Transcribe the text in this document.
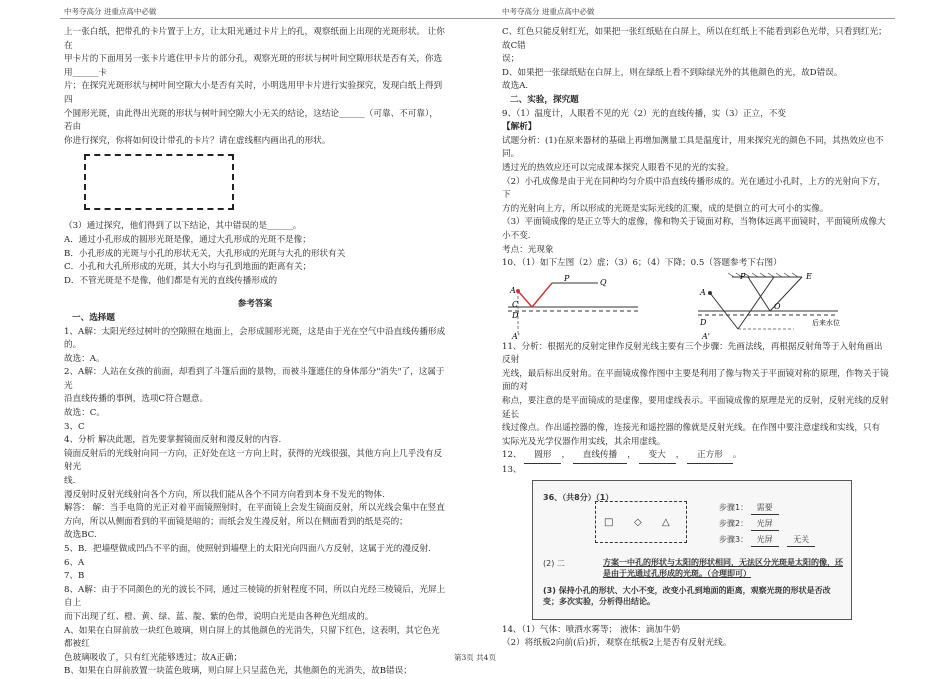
中考夺高分 进重点高中必做	中考夺高分 进重点高中必做

上一张白纸，把带孔的卡片置于上方，让太阳光通过卡片上的孔，观察纸面上出现的光斑形状。 让你在

甲卡片的下面用另一张卡片遮住甲卡片的部分孔，观察光斑的形状与树叶间空隙形状是否有关，你选用______卡

片；在探究光斑形状与树叶间空隙大小是否有关时，小明选用甲卡片进行实验探究，发现白纸上得到四

个圆形光斑，由此得出光斑的形状与树叶间空隙大小无关的结论，这结论______（可靠、不可靠），若由

你进行探究，你将如何设计带孔的卡片？请在虚线框内画出孔的形状。

（3）通过探究，他们得到了以下结论，其中错误的是______。

A．通过小孔形成的圆形光斑是像，通过大孔形成的光斑不是像；

B．小孔形成的光斑与小孔的形状无关，大孔形成的光斑与大孔的形状有关

C．小孔和大孔所形成的光斑，其大小均与孔到地面的距离有关；

D．不管光斑是不是像，他们都是有光的直线传播形成的

参考答案

一、选择题

1、A解：太阳光经过树叶的空隙照在地面上，会形成圆形光斑，这是由于光在空气中沿直线传播形成的。

故选：A。

2、A解：人站在女孩的前面，却看到了斗篷后面的景物，而被斗篷遮住的身体部分"消失"了，这属于光

沿直线传播的事例，选项C符合题意。

故选：C。

3、C

4、分析 解决此题，首先要掌握镜面反射和漫反射的内容.

镜面反射后的光线射向同一方向，正好处在这一方向上时，获得的光线很强，其他方向上几乎没有反射光

线.

漫反射时反射光线射向各个方向，所以我们能从各个不同方向看到本身不发光的物体.

解答： 解：当手电筒的光正对着平面镜照射时，在平面镜上会发生镜面反射，所以光线会集中在竖直

方向，所以从侧面看到的平面镜是暗的；而纸会发生漫反射，所以在侧面看到的纸是亮的；

故选BC.

5、B．把墙壁做成凹凸不平的面，使照射到墙壁上的太阳光向四面八方反射，这属于光的漫反射.

6、A

7、B

8、A解：由于不同颜色的光的波长不同，通过三棱镜的折射程度不同，所以白光经三棱镜后，光屏上自上

而下出现了红、橙、黄、绿、蓝、靛、紫的色带，说明白光是由各种色光组成的。

A、如果在白屏前放一块红色玻璃，则白屏上的其他颜色的光消失，只留下红色，这表明，其它色光都被红

色玻璃吸收了，只有红光能够透过；故A正确；

B、如果在白屏前放置一块蓝色玻璃，则白屏上只呈蓝色光，其他颜色的光消失，故B错误；

C、红色只能反射红光，如果把一张红纸贴在白屏上，所以在红纸上不能看到彩色光带，只看到红光；故C错

误；

D、如果把一张绿纸贴在白屏上，则在绿纸上看不到除绿光外的其他颜色的光，故D错误。

故选A.

二、实验，探究题

9、（1）温度计，人眼看不见的光（2）光的直线传播，实（3）正立，不变

【解析】

试题分析：(1)在原来器材的基础上再增加测量工具是温度计，用来探究光的颜色不同，其热效应也不同。

透过光的热效应还可以完成课本探究人眼看不见的光的实验。

（2）小孔成像是由于光在同种均匀介质中沿直线传播形成的。光在通过小孔时，上方的光射向下方，下

方的光射向上方，所以形成的光斑是实际光线的汇聚，成的是倒立的可大可小的实像。

（3）平面镜成像的是正立等大的虚像，像和物关于镜面对称，当物体远离平面镜时，平面镜所成像大小不变.

考点：光现象

10、（1）如下左图（2）虚；（3）6；（4）下降；0.5（答题参考下右图）

A
P	Q
C
D
A'
A
P	E
O
D
A'
后来水位

11、分析：根据光的反射定律作反射光线主要有三个步骤：先画法线，再根据反射角等于入射角画出反射

光线，最后标出反射角。在平面镜成像作图中主要是利用了像与物关于平面镜对称的原理，作物关于镜面的对

称点，要注意的是平面镜成的是虚像，要用虚线表示。平面镜成像的原理是光的反射，反射光线的反射延长

线过像点。作出遥控器的像，连接光和遥控器的像就是反射光线。在作图中要注意虚线和实线，只有

实际光及光学仪器作用实线，其余用虚线。

12、 圆形 ， 直线传播 ， 变大 ， 正方形 。

13、

36、（共8分）（1）
□ ◇ △
步骤1： 需要
步骤2： 光屏
步骤3： 光屏	无关
(2) 二	方案一中孔的形状与太阳的形状相同，无法区分光斑是太阳的像，还是由于光通过孔形成的光斑。（合理即可）
(3) 保持小孔的形状、大小不变，改变小孔到地面的距离，观察光斑的形状是否改变；多次实验，分析得出结论。

14、（1）气体：喷洒水雾等； 液体：滴加牛奶

（2）将纸板2向前(后)折，观察在纸板2上是否有反射光线。

第3页 共4页
